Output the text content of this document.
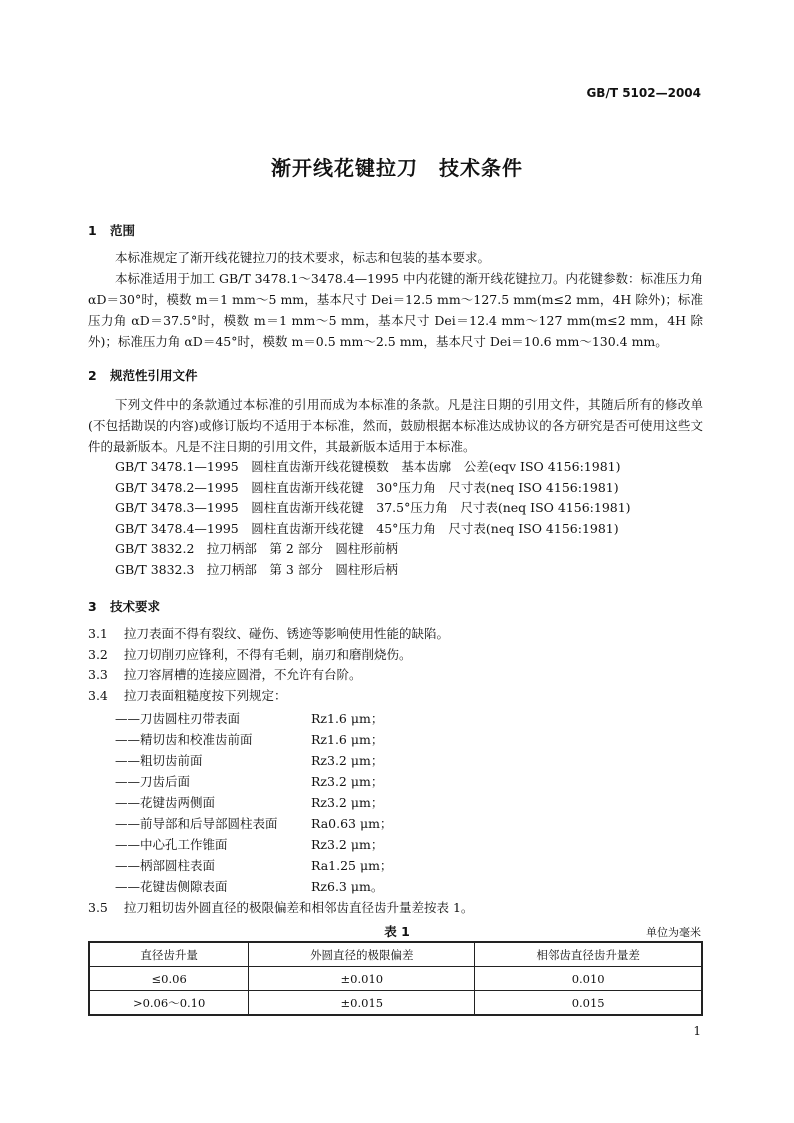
GB/T 5102—2004
渐开线花键拉刀　技术条件
1 范围

本标准规定了渐开线花键拉刀的技术要求，标志和包装的基本要求。

本标准适用于加工 GB/T 3478.1～3478.4—1995 中内花键的渐开线花键拉刀。内花键参数：标准压力角 αD＝30°时，模数 m＝1 mm～5 mm，基本尺寸 Dei＝12.5 mm～127.5 mm(m≤2 mm，4H 除外)；标准压力角 αD＝37.5°时，模数 m＝1 mm～5 mm，基本尺寸 Dei＝12.4 mm～127 mm(m≤2 mm，4H 除外)；标准压力角 αD＝45°时，模数 m＝0.5 mm～2.5 mm，基本尺寸 Dei＝10.6 mm～130.4 mm。

2 规范性引用文件

下列文件中的条款通过本标准的引用而成为本标准的条款。凡是注日期的引用文件，其随后所有的修改单(不包括勘误的内容)或修订版均不适用于本标准，然而，鼓励根据本标准达成协议的各方研究是否可使用这些文件的最新版本。凡是不注日期的引用文件，其最新版本适用于本标准。

GB/T 3478.1—1995　圆柱直齿渐开线花键模数　基本齿廓　公差(eqv ISO 4156:1981)
GB/T 3478.2—1995　圆柱直齿渐开线花键　30°压力角　尺寸表(neq ISO 4156:1981)
GB/T 3478.3—1995　圆柱直齿渐开线花键　37.5°压力角　尺寸表(neq ISO 4156:1981)
GB/T 3478.4—1995　圆柱直齿渐开线花键　45°压力角　尺寸表(neq ISO 4156:1981)
GB/T 3832.2　拉刀柄部　第 2 部分　圆柱形前柄
GB/T 3832.3　拉刀柄部　第 3 部分　圆柱形后柄
3 技术要求
3.1 拉刀表面不得有裂纹、碰伤、锈迹等影响使用性能的缺陷。
3.2 拉刀切削刃应锋利，不得有毛刺，崩刃和磨削烧伤。
3.3 拉刀容屑槽的连接应圆滑，不允许有台阶。
3.4 拉刀表面粗糙度按下列规定：
——刀齿圆柱刃带表面	Rz1.6 μm；
——精切齿和校准齿前面	Rz1.6 μm；
——粗切齿前面	Rz3.2 μm；
——刀齿后面	Rz3.2 μm；
——花键齿两侧面	Rz3.2 μm；
——前导部和后导部圆柱表面	Ra0.63 μm；
——中心孔工作锥面	Rz3.2 μm；
——柄部圆柱表面	Ra1.25 μm；
——花键齿侧隙表面	Rz6.3 μm。
3.5 拉刀粗切齿外圆直径的极限偏差和相邻齿直径齿升量差按表 1。
表 1	单位为毫米
直径齿升量	外圆直径的极限偏差	相邻齿直径齿升量差
≤0.06	±0.010	0.010
>0.06～0.10	±0.015	0.015
1
